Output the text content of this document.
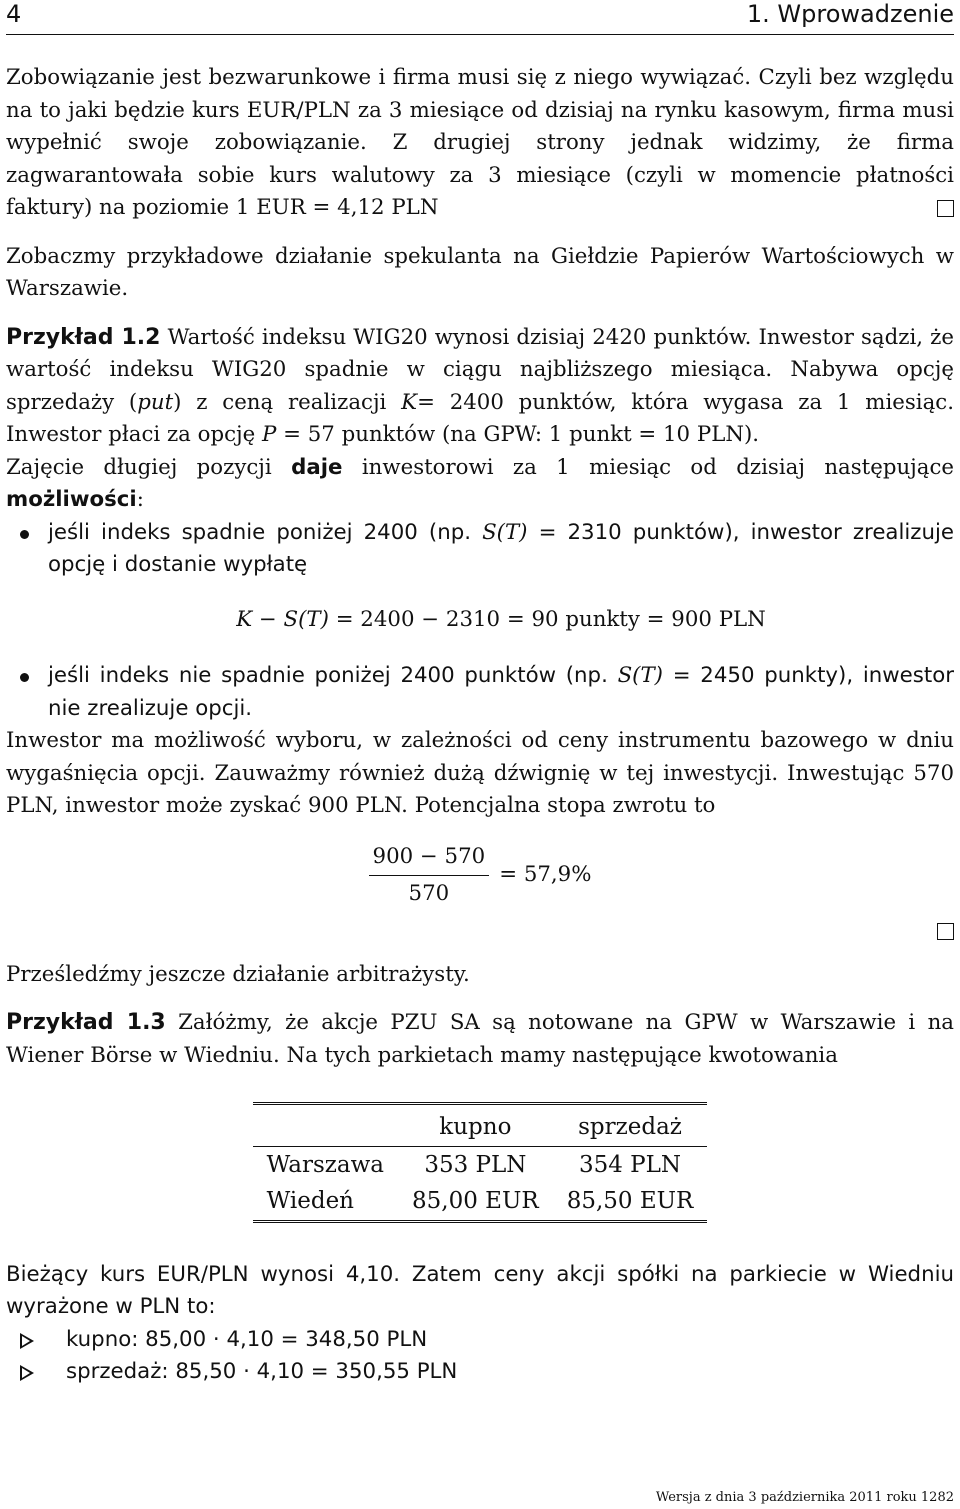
4	1. Wprowadzenie

Zobowiązanie jest bezwarunkowe i firma musi się z niego wywiązać. Czyli bez względu na to jaki będzie kurs EUR/PLN za 3 miesiące od dzisiaj na rynku kasowym, firma musi wypełnić swoje zobowiązanie. Z drugiej strony jednak widzimy, że firma zagwarantowała sobie kurs walutowy za 3 miesiące (czyli w momencie płatności faktury) na poziomie 1 EUR = 4,12 PLN

Zobaczmy przykładowe działanie spekulanta na Giełdzie Papierów Wartościowych w Warszawie.

Przykład 1.2 Wartość indeksu WIG20 wynosi dzisiaj 2420 punktów. Inwestor sądzi, że wartość indeksu WIG20 spadnie w ciągu najbliższego miesiąca. Nabywa opcję sprzedaży (put) z ceną realizacji K= 2400 punktów, która wygasa za 1 miesiąc. Inwestor płaci za opcję P = 57 punktów (na GPW: 1 punkt = 10 PLN).

Zajęcie długiej pozycji daje inwestorowi za 1 miesiąc od dzisiaj następujące możliwości:

jeśli indeks spadnie poniżej 2400 (np. S(T) = 2310 punktów), inwestor zrealizuje opcję i dostanie wypłatę
K − S(T) = 2400 − 2310 = 90 punkty = 900 PLN
jeśli indeks nie spadnie poniżej 2400 punktów (np. S(T) = 2450 punkty), inwestor nie zrealizuje opcji.

Inwestor ma możliwość wyboru, w zależności od ceny instrumentu bazowego w dniu wygaśnięcia opcji. Zauważmy również dużą dźwignię w tej inwestycji. Inwestując 570 PLN, inwestor może zyskać 900 PLN. Potencjalna stopa zwrotu to

$\frac{900 - 570}{570} = 57,9\%$

Prześledźmy jeszcze działanie arbitrażysty.

Przykład 1.3 Załóżmy, że akcje PZU SA są notowane na GPW w Warszawie i na Wiener Börse w Wiedniu. Na tych parkietach mamy następujące kwotowania

	kupno	sprzedaż
Warszawa	353 PLN	354 PLN
Wiedeń	85,00 EUR	85,50 EUR

Bieżący kurs EUR/PLN wynosi 4,10. Zatem ceny akcji spółki na parkiecie w Wiedniu wyrażone w PLN to:

kupno: 85,00 · 4,10 = 348,50 PLN
sprzedaż: 85,50 · 4,10 = 350,55 PLN
Wersja z dnia 3 października 2011 roku 1282
